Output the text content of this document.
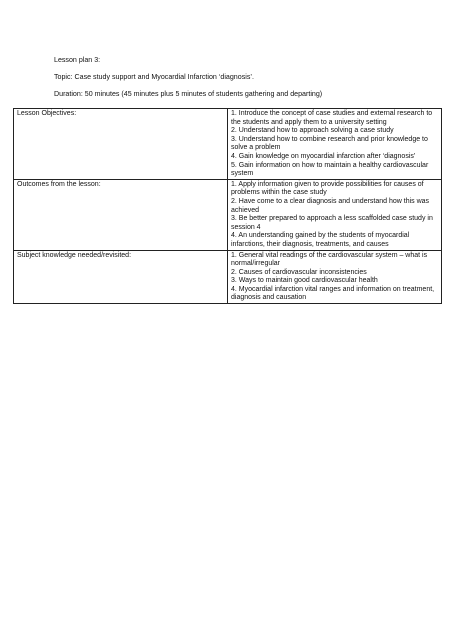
Lesson plan 3:
Topic: Case study support and Myocardial Infarction ‘diagnosis’.
Duration: 50 minutes (45 minutes plus 5 minutes of students gathering and departing)
Lesson Objectives:	1. Introduce the concept of case studies and external research to the students and apply them to a university setting
2. Understand how to approach solving a case study
3. Understand how to combine research and prior knowledge to solve a problem
4. Gain knowledge on myocardial infarction after ‘diagnosis’
5. Gain information on how to maintain a healthy cardiovascular system

Outcomes from the lesson:	1. Apply information given to provide possibilities for causes of problems within the case study
2. Have come to a clear diagnosis and understand how this was achieved
3. Be better prepared to approach a less scaffolded case study in session 4
4. An understanding gained by the students of myocardial infarctions, their diagnosis, treatments, and causes

Subject knowledge needed/revisited:	1. General vital readings of the cardiovascular system – what is normal/irregular
2. Causes of cardiovascular inconsistencies
3. Ways to maintain good cardiovascular health
4. Myocardial infarction vital ranges and information on treatment, diagnosis and causation
